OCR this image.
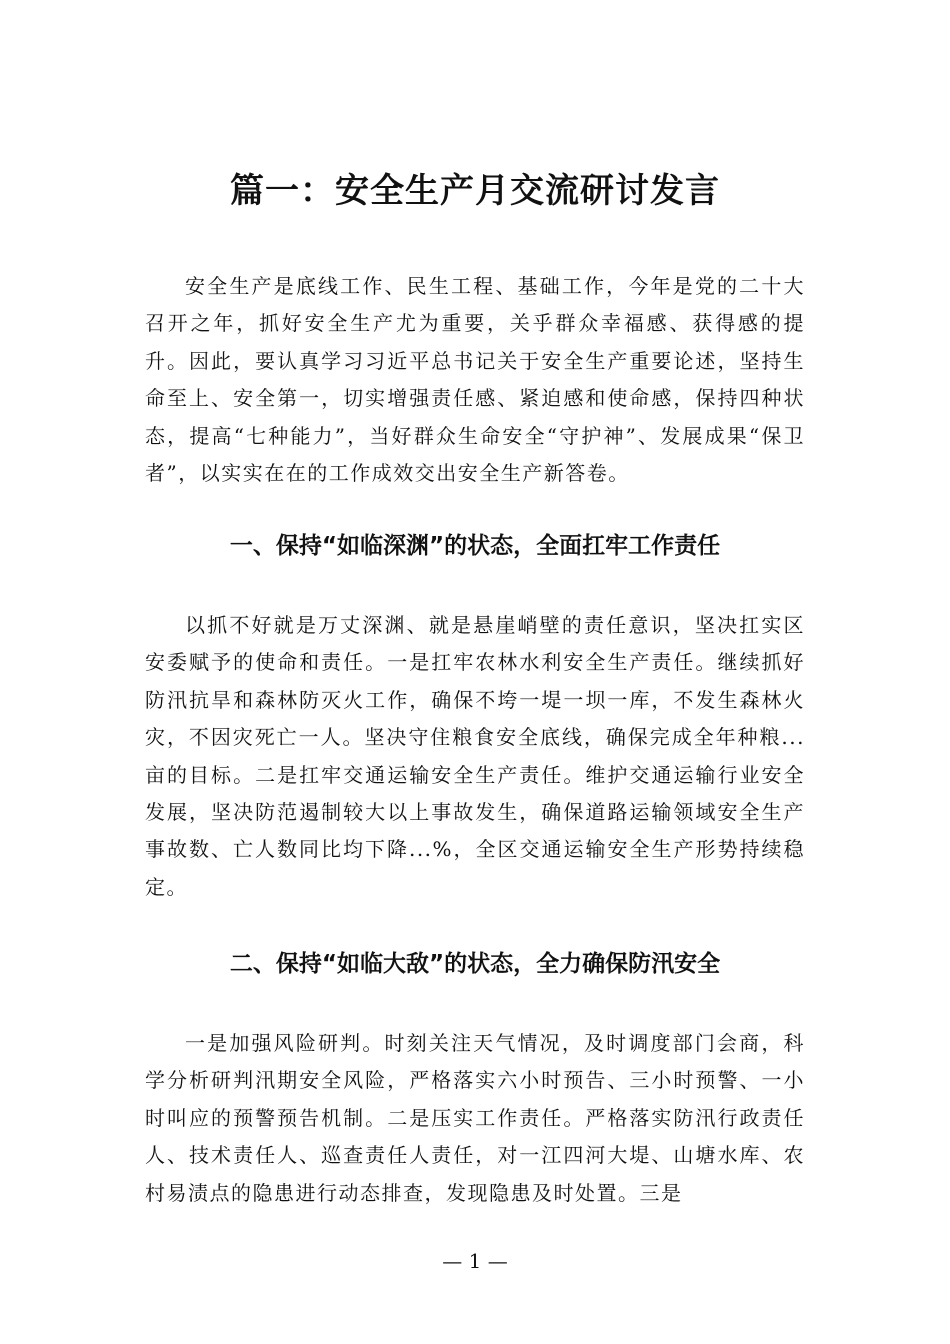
篇一：安全生产月交流研讨发言

安全生产是底线工作、民生工程、基础工作，今年是党的二十大召开之年，抓好安全生产尤为重要，关乎群众幸福感、获得感的提升。因此，要认真学习习近平总书记关于安全生产重要论述，坚持生命至上、安全第一，切实增强责任感、紧迫感和使命感，保持四种状态，提高“七种能力”，当好群众生命安全“守护神”、发展成果“保卫者”，以实实在在的工作成效交出安全生产新答卷。

一、保持“如临深渊”的状态，全面扛牢工作责任

以抓不好就是万丈深渊、就是悬崖峭壁的责任意识，坚决扛实区安委赋予的使命和责任。一是扛牢农林水利安全生产责任。继续抓好防汛抗旱和森林防灭火工作，确保不垮一堤一坝一库，不发生森林火灾，不因灾死亡一人。坚决守住粮食安全底线，确保完成全年种粮...亩的目标。二是扛牢交通运输安全生产责任。维护交通运输行业安全发展，坚决防范遏制较大以上事故发生，确保道路运输领域安全生产事故数、亡人数同比均下降...%，全区交通运输安全生产形势持续稳定。

二、保持“如临大敌”的状态，全力确保防汛安全

一是加强风险研判。时刻关注天气情况，及时调度部门会商，科学分析研判汛期安全风险，严格落实六小时预告、三小时预警、一小时叫应的预警预告机制。二是压实工作责任。严格落实防汛行政责任人、技术责任人、巡查责任人责任，对一江四河大堤、山塘水库、农村易渍点的隐患进行动态排查，发现隐患及时处置。三是

— 1 —
